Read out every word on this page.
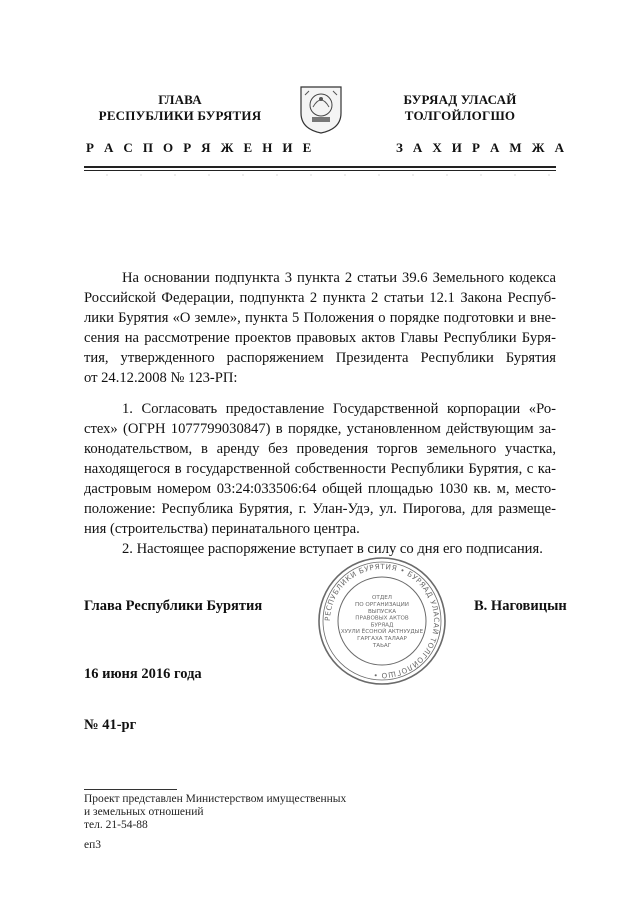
ГЛАВА
РЕСПУБЛИКИ БУРЯТИЯ
Р А С П О Р Я Ж Е Н И Е
БУРЯАД УЛАСАЙ
ТОЛГОЙЛОГШО
З А Х И Р А М Ж А
На основании подпункта 3 пункта 2 статьи 39.6 Земельного кодекса
Российской Федерации, подпункта 2 пункта 2 статьи 12.1 Закона Респуб-
лики Бурятия «О земле», пункта 5 Положения о порядке подготовки и вне-
сения на рассмотрение проектов правовых актов Главы Республики Буря-
тия, утвержденного распоряжением Президента Республики Бурятия
от 24.12.2008 № 123-РП:
1. Согласовать предоставление Государственной корпорации «Ро-
стех» (ОГРН 1077799030847) в порядке, установленном действующим за-
конодательством, в аренду без проведения торгов земельного участка,
находящегося в государственной собственности Республики Бурятия, с ка-
дастровым номером 03:24:033506:64 общей площадью 1030 кв. м, место-
положение: Республика Бурятия, г. Улан-Удэ, ул. Пирогова, для размеще-
ния (строительства) перинатального центра.
2. Настоящее распоряжение вступает в силу со дня его подписания.
РЕСПУБЛИКИ БУРЯТИЯ • БУРЯАД УЛАСАЙ ТОЛГОЙЛОГШО •
ОТДЕЛ
ПО ОРГАНИЗАЦИИ
ВЫПУСКА
ПРАВОВЫХ АКТОВ
БУРЯАД
ХУУЛИ ЁСОНОЙ АКТНУУДЫЕ
ГАРГАХА ТАЛААР
ТАЬАГ
Глава Республики Бурятия	В. Наговицын
16 июня 2016 года
№ 41-рг
Проект представлен Министерством имущественных
и земельных отношений
тел. 21-54-88
еп3
